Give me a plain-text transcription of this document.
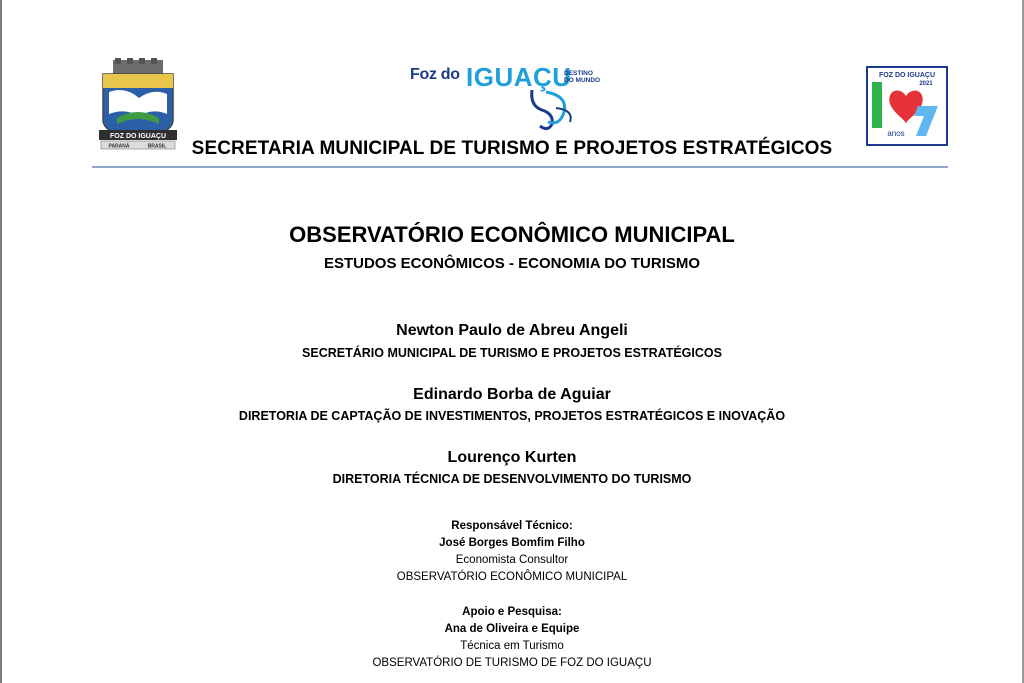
FOZ DO IGUAÇU
PARANÁ	BRASIL
Foz do IGUAÇU
DESTINO
DO MUNDO
FOZ DO IGUAÇU
2021
anos
SECRETARIA MUNICIPAL DE TURISMO E PROJETOS ESTRATÉGICOS
OBSERVATÓRIO ECONÔMICO MUNICIPAL
ESTUDOS ECONÔMICOS - ECONOMIA DO TURISMO
Newton Paulo de Abreu Angeli
SECRETÁRIO MUNICIPAL DE TURISMO E PROJETOS ESTRATÉGICOS
Edinardo Borba de Aguiar
DIRETORIA DE CAPTAÇÃO DE INVESTIMENTOS, PROJETOS ESTRATÉGICOS E INOVAÇÃO
Lourenço Kurten
DIRETORIA TÉCNICA DE DESENVOLVIMENTO DO TURISMO
Responsável Técnico:
José Borges Bomfim Filho
Economista Consultor
OBSERVATÓRIO ECONÔMICO MUNICIPAL
Apoio e Pesquisa:
Ana de Oliveira e Equipe
Técnica em Turismo
OBSERVATÓRIO DE TURISMO DE FOZ DO IGUAÇU
